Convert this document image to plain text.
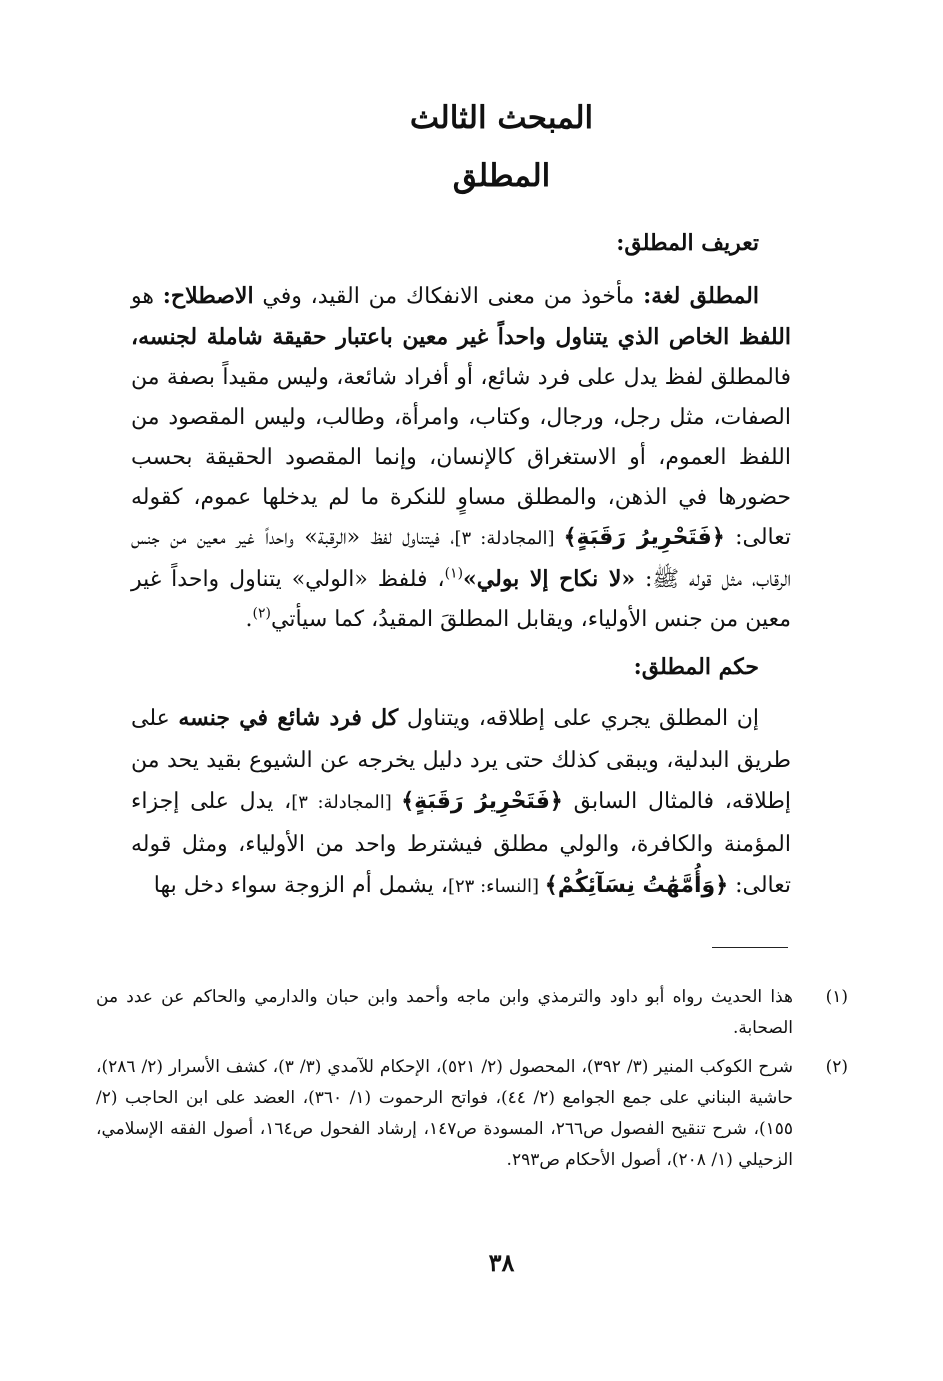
المبحث الثالث
المطلق
تعريف المطلق:

المطلق لغة: مأخوذ من معنى الانفكاك من القيد، وفي الاصطلاح: هو اللفظ الخاص الذي يتناول واحداً غير معين باعتبار حقيقة شاملة لجنسه، فالمطلق لفظ يدل على فرد شائع، أو أفراد شائعة، وليس مقيداً بصفة من الصفات، مثل رجل، ورجال، وكتاب، وامرأة، وطالب، وليس المقصود من اللفظ العموم، أو الاستغراق كالإنسان، وإنما المقصود الحقيقة بحسب حضورها في الذهن، والمطلق مساوٍ للنكرة ما لم يدخلها عموم، كقوله تعالى: ﴿فَتَحْرِيرُ رَقَبَةٍ﴾ [المجادلة: ٣]، فيتناول لفظ «الرقبة» واحداً غير معين من جنس الرقاب، مثل قوله ﷺ: «لا نكاح إلا بولي»$^{(١)}$، فلفظ «الولي» يتناول واحداً غير معين من جنس الأولياء، ويقابل المطلقَ المقيدُ، كما سيأتي$^{(٢)}$.

حكم المطلق:

إن المطلق يجري على إطلاقه، ويتناول كل فرد شائع في جنسه على طريق البدلية، ويبقى كذلك حتى يرد دليل يخرجه عن الشيوع بقيد يحد من إطلاقه، فالمثال السابق ﴿فَتَحْرِيرُ رَقَبَةٍ﴾ [المجادلة: ٣]، يدل على إجزاء المؤمنة والكافرة، والولي مطلق فيشترط واحد من الأولياء، ومثل قوله تعالى: ﴿وَأُمَّهَٰتُ نِسَآئِكُمْ﴾ [النساء: ٢٣]، يشمل أم الزوجة سواء دخل بها

(١)
هذا الحديث رواه أبو داود والترمذي وابن ماجه وأحمد وابن حبان والدارمي والحاكم عن عدد من الصحابة.

(٢)
شرح الكوكب المنير (٣/ ٣٩٢)، المحصول (٢/ ٥٢١)، الإحكام للآمدي (٣/ ٣)، كشف الأسرار (٢/ ٢٨٦)، حاشية البناني على جمع الجوامع (٢/ ٤٤)، فواتح الرحموت (١/ ٣٦٠)، العضد على ابن الحاجب (٢/ ١٥٥)، شرح تنقيح الفصول ص٢٦٦، المسودة ص١٤٧، إرشاد الفحول ص١٦٤، أصول الفقه الإسلامي، الزحيلي (١/ ٢٠٨)، أصول الأحكام ص٢٩٣.

٣٨
